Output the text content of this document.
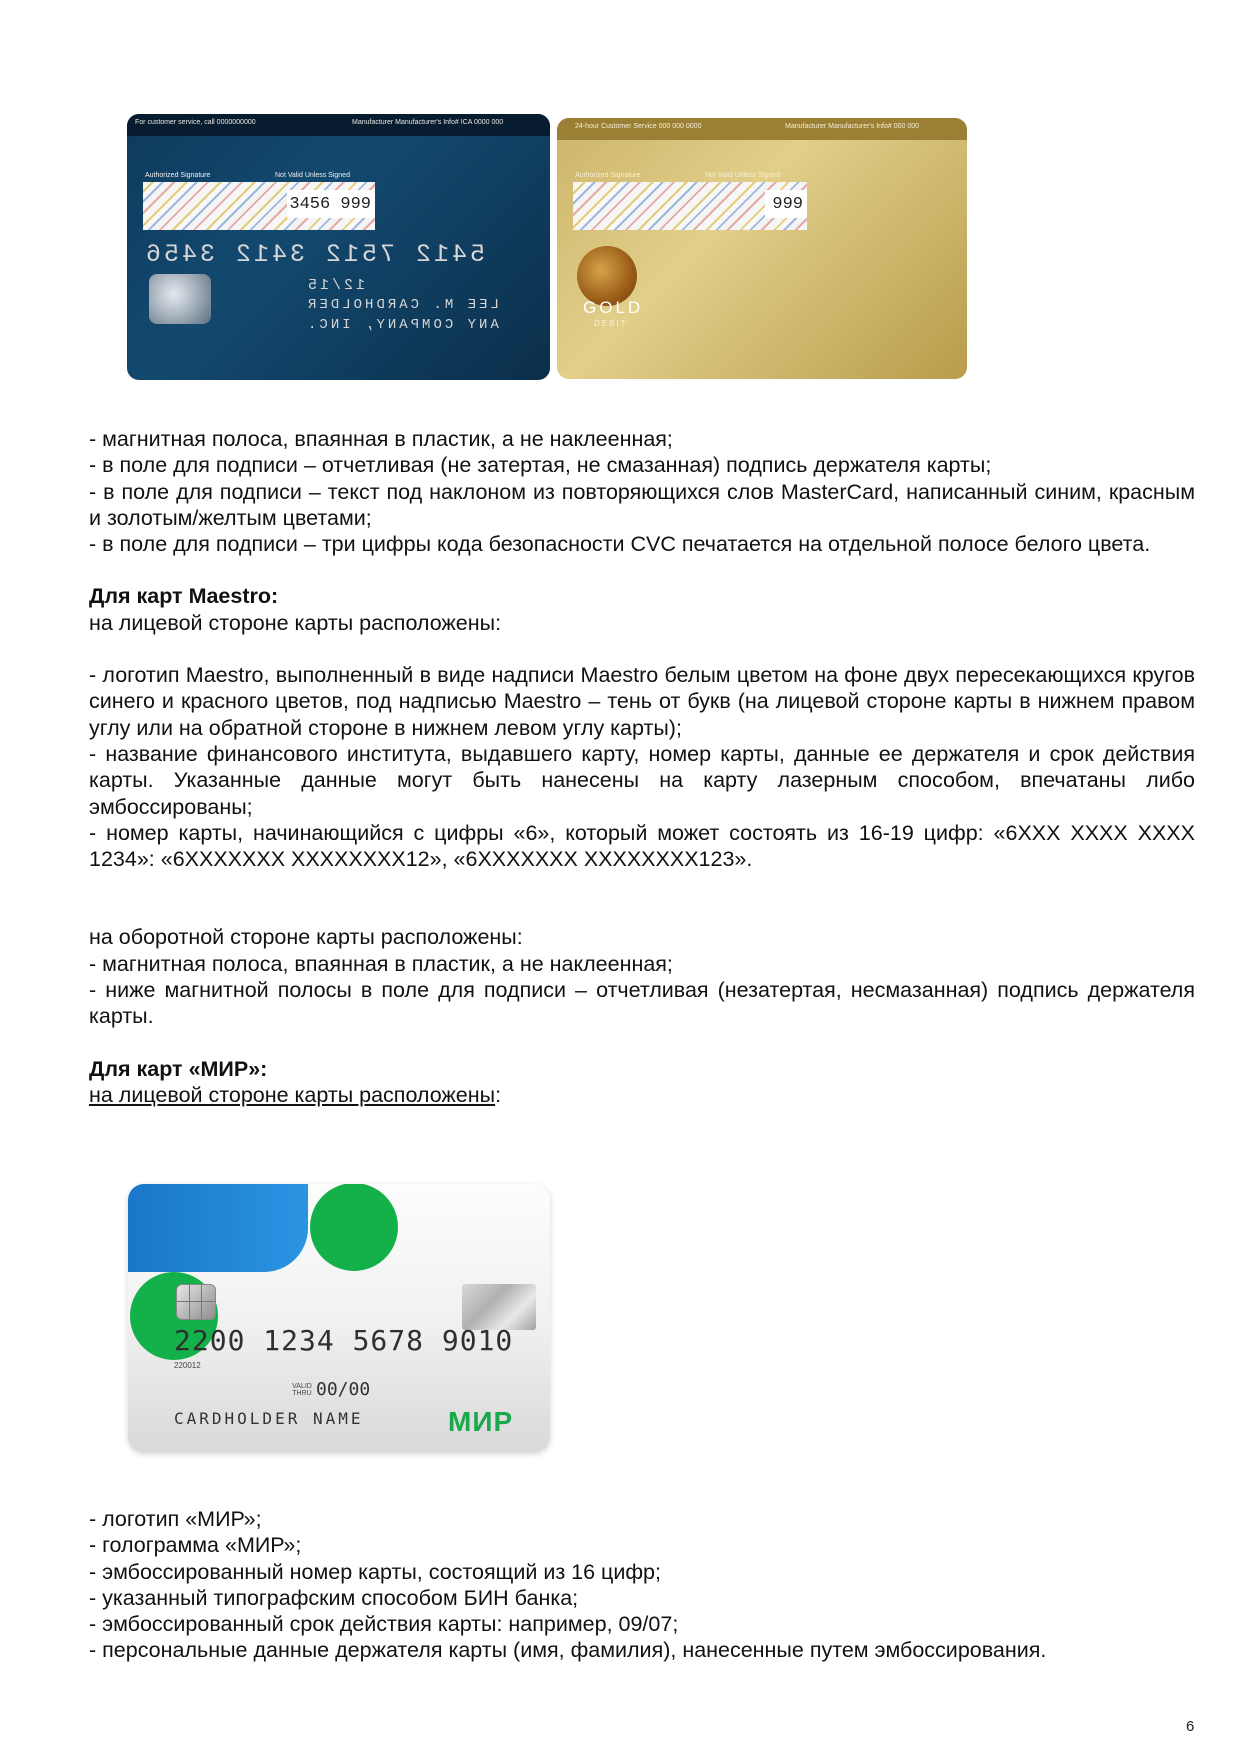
For customer service, call 0000000000	Manufacturer Manufacturer's Info# ICA 0000 000
Authorized Signature	Not Valid Unless Signed
3456 999
5412 7512 3412 3456
12/15
LEE M. CARDHOLDER
ANY COMPANY, INC.
24-hour Customer Service 000 000 0000	Manufacturer Manufacturer's Info# 000 000
Authorized Signature	Not Valid Unless Signed
999
GOLD
DEBIT

- магнитная полоса, впаянная в пластик, а не наклеенная;

- в поле для подписи – отчетливая (не затертая, не смазанная) подпись держателя карты;

- в поле для подписи – текст под наклоном из повторяющихся слов MasterCard, написанный синим, красным и золотым/желтым цветами;

- в поле для подписи – три цифры кода безопасности CVC печатается на отдельной полосе белого цвета.

Для карт Maestro:

на лицевой стороне карты расположены:

- логотип Maestro, выполненный в виде надписи Maestro белым цветом на фоне двух пересекающихся кругов синего и красного цветов, под надписью Maestro – тень от букв (на лицевой стороне карты в нижнем правом углу или на обратной стороне в нижнем левом углу карты);

- название финансового института, выдавшего карту, номер карты, данные ее держателя и срок действия карты. Указанные данные могут быть нанесены на карту лазерным способом, впечатаны либо эмбоссированы;

- номер карты, начинающийся с цифры «6», который может состоять из 16-19 цифр: «6XXX XXXX XXXX 1234»: «6XXXXXXX XXXXXXXX12», «6XXXXXXX XXXXXXXX123».

на оборотной стороне карты расположены:

- магнитная полоса, впаянная в пластик, а не наклеенная;

- ниже магнитной полосы в поле для подписи – отчетливая (незатертая, несмазанная) подпись держателя карты.

Для карт «МИР»:

на лицевой стороне карты расположены:

2200 1234 5678 9010
220012
VALID THRU 00/00
CARDHOLDER NAME	МИР

- логотип «МИР»;

- голограмма «МИР»;

- эмбоссированный номер карты, состоящий из 16 цифр;

- указанный типографским способом БИН банка;

- эмбоссированный срок действия карты: например, 09/07;

- персональные данные держателя карты (имя, фамилия), нанесенные путем эмбоссирования.

6
